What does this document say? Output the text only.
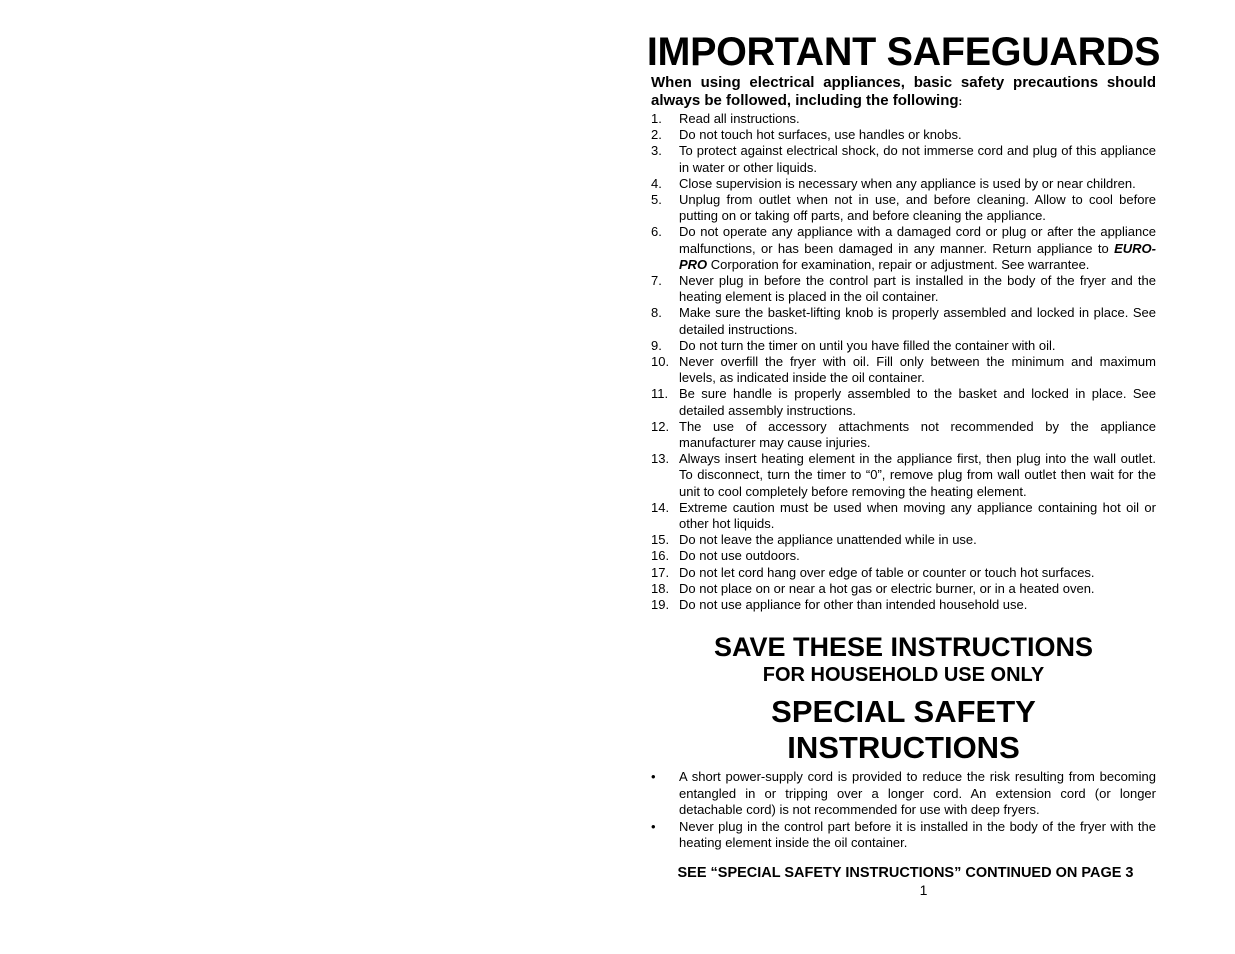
IMPORTANT SAFEGUARDS
When using electrical appliances, basic safety precautions should always be followed, including the following:
1.	Read all instructions.
2.	Do not touch hot surfaces, use handles or knobs.
3.	To protect against electrical shock, do not immerse cord and plug of this appliance in water or other liquids.
4.	Close supervision is necessary when any appliance is used by or near children.
5.	Unplug from outlet when not in use, and before cleaning. Allow to cool before putting on or taking off parts, and before cleaning the appliance.
6.	Do not operate any appliance with a damaged cord or plug or after the appliance malfunctions, or has been damaged in any manner. Return appliance to EURO-PRO Corporation for examination, repair or adjustment. See warrantee.
7.	Never plug in before the control part is installed in the body of the fryer and the heating element is placed in the oil container.
8.	Make sure the basket-lifting knob is properly assembled and locked in place. See detailed instructions.
9.	Do not turn the timer on until you have filled the container with oil.
10. Never overfill the fryer with oil. Fill only between the minimum and maximum levels, as indicated inside the oil container.
11. Be sure handle is properly assembled to the basket and locked in place. See detailed assembly instructions.
12. The use of accessory attachments not recommended by the appliance manufacturer may cause injuries.
13. Always insert heating element in the appliance first, then plug into the wall outlet. To disconnect, turn the timer to “0”, remove plug from wall outlet then wait for the unit to cool completely before removing the heating element.
14. Extreme caution must be used when moving any appliance containing hot oil or other hot liquids.
15. Do not leave the appliance unattended while in use.
16. Do not use outdoors.
17. Do not let cord hang over edge of table or counter or touch hot surfaces.
18. Do not place on or near a hot gas or electric burner, or in a heated oven.
19. Do not use appliance for other than intended household use.
SAVE THESE INSTRUCTIONS
FOR HOUSEHOLD USE ONLY
SPECIAL SAFETY
INSTRUCTIONS
•	A short power-supply cord is provided to reduce the risk resulting from becoming entangled in or tripping over a longer cord. An extension cord (or longer detachable cord) is not recommended for use with deep fryers.
•	Never plug in the control part before it is installed in the body of the fryer with the heating element inside the oil container.
SEE “SPECIAL SAFETY INSTRUCTIONS” CONTINUED ON PAGE 3
1
